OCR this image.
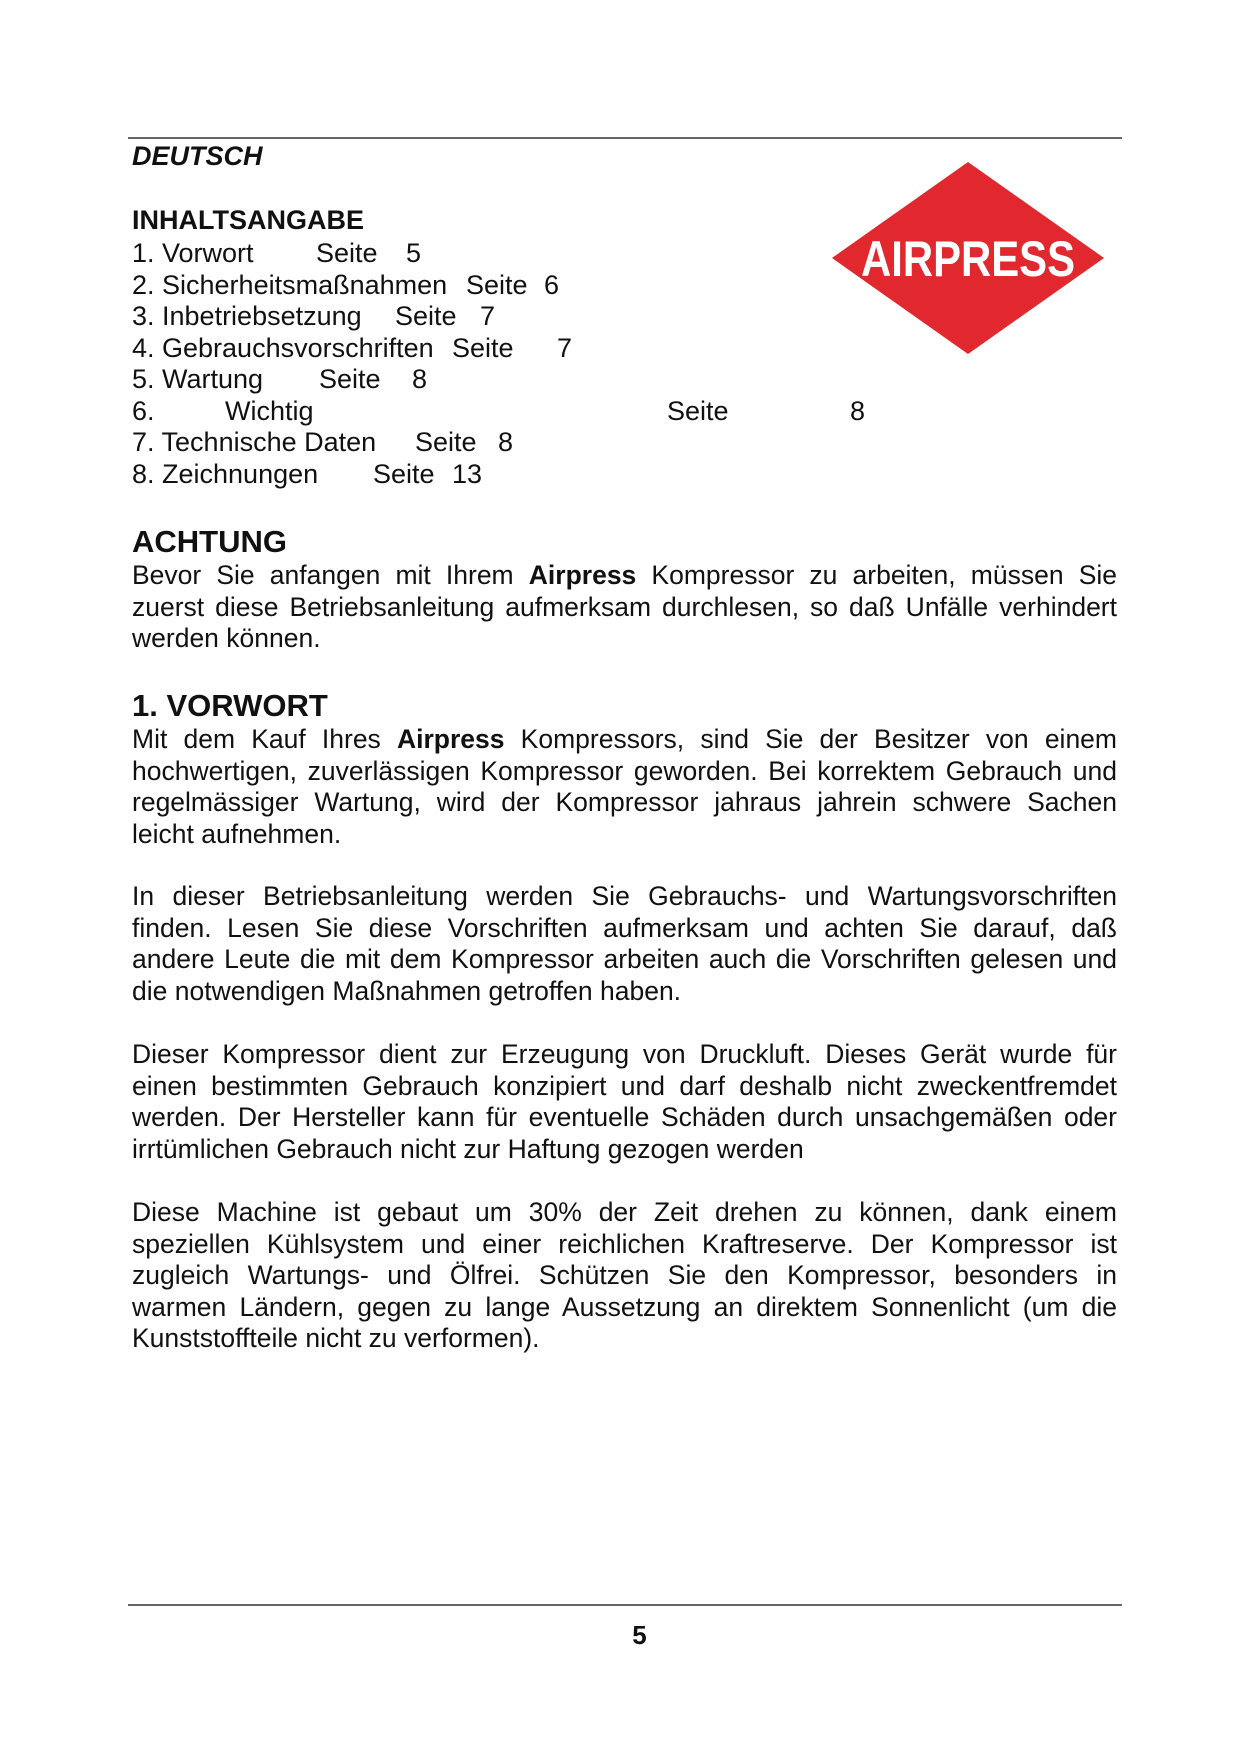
DEUTSCH
INHALTSANGABE
1. Vorwort Seite 5
2. Sicherheitsmaßnahmen Seite 6
3. Inbetriebsetzung Seite 7
4. Gebrauchsvorschriften Seite 7
5. Wartung Seite 8
6.	Wichtig	Seite	8
7. Technische Daten Seite 8
8. Zeichnungen Seite 13
AIRPRESS
ACHTUNG
Bevor Sie anfangen mit Ihrem Airpress Kompressor zu arbeiten, müssen Sie zuerst diese Betriebsanleitung aufmerksam durchlesen, so daß Unfälle verhindert werden können.
1. VORWORT
Mit dem Kauf Ihres Airpress Kompressors, sind Sie der Besitzer von einem hochwertigen, zuverlässigen Kompressor geworden. Bei korrektem Gebrauch und regelmässiger Wartung, wird der Kompressor jahraus jahrein schwere Sachen leicht aufnehmen.
In dieser Betriebsanleitung werden Sie Gebrauchs- und Wartungsvorschriften finden. Lesen Sie diese Vorschriften aufmerksam und achten Sie darauf, daß andere Leute die mit dem Kompressor arbeiten auch die Vorschriften gelesen und die notwendigen Maßnahmen getroffen haben.
Dieser Kompressor dient zur Erzeugung von Druckluft. Dieses Gerät wurde für einen bestimmten Gebrauch konzipiert und darf deshalb nicht zweckentfremdet werden. Der Hersteller kann für eventuelle Schäden durch unsachgemäßen oder irrtümlichen Gebrauch nicht zur Haftung gezogen werden
Diese Machine ist gebaut um 30% der Zeit drehen zu können, dank einem speziellen Kühlsystem und einer reichlichen Kraftreserve. Der Kompressor ist zugleich Wartungs- und Ölfrei. Schützen Sie den Kompressor, besonders in warmen Ländern, gegen zu lange Aussetzung an direktem Sonnenlicht (um die Kunststoffteile nicht zu verformen).
5
